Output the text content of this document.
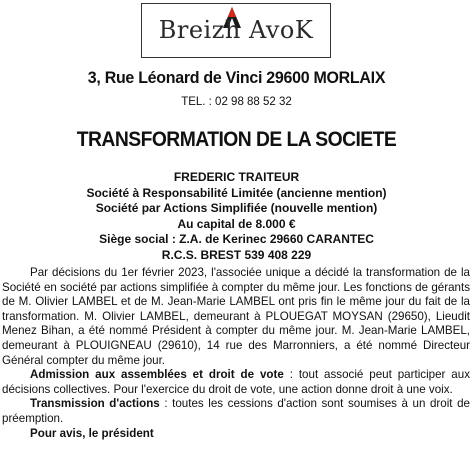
Breizh AvoK
3, Rue Léonard de Vinci 29600 MORLAIX
TEL. : 02 98 88 52 32
TRANSFORMATION DE LA SOCIETE
FREDERIC TRAITEUR
Société à Responsabilité Limitée (ancienne mention)
Société par Actions Simplifiée (nouvelle mention)
Au capital de 8.000 €
Siège social : Z.A. de Kerinec 29660 CARANTEC
R.C.S. BREST 539 408 229

Par décisions du 1er février 2023, l'associée unique a décidé la transformation de la Société en société par actions simplifiée à compter du même jour. Les fonctions de gérants de M. Olivier LAMBEL et de M. Jean-Marie LAMBEL ont pris fin le même jour du fait de la transformation. M. Olivier LAMBEL, demeurant à PLOUEGAT MOYSAN (29650), Lieudit Menez Bihan, a été nommé Président à compter du même jour. M. Jean-Marie LAMBEL, demeurant à PLOUIGNEAU (29610), 14 rue des Marronniers, a été nommé Directeur Général compter du même jour.

Admission aux assemblées et droit de vote : tout associé peut participer aux décisions collectives. Pour l'exercice du droit de vote, une action donne droit à une voix.

Transmission d'actions : toutes les cessions d'action sont soumises à un droit de préemption.

Pour avis, le président
